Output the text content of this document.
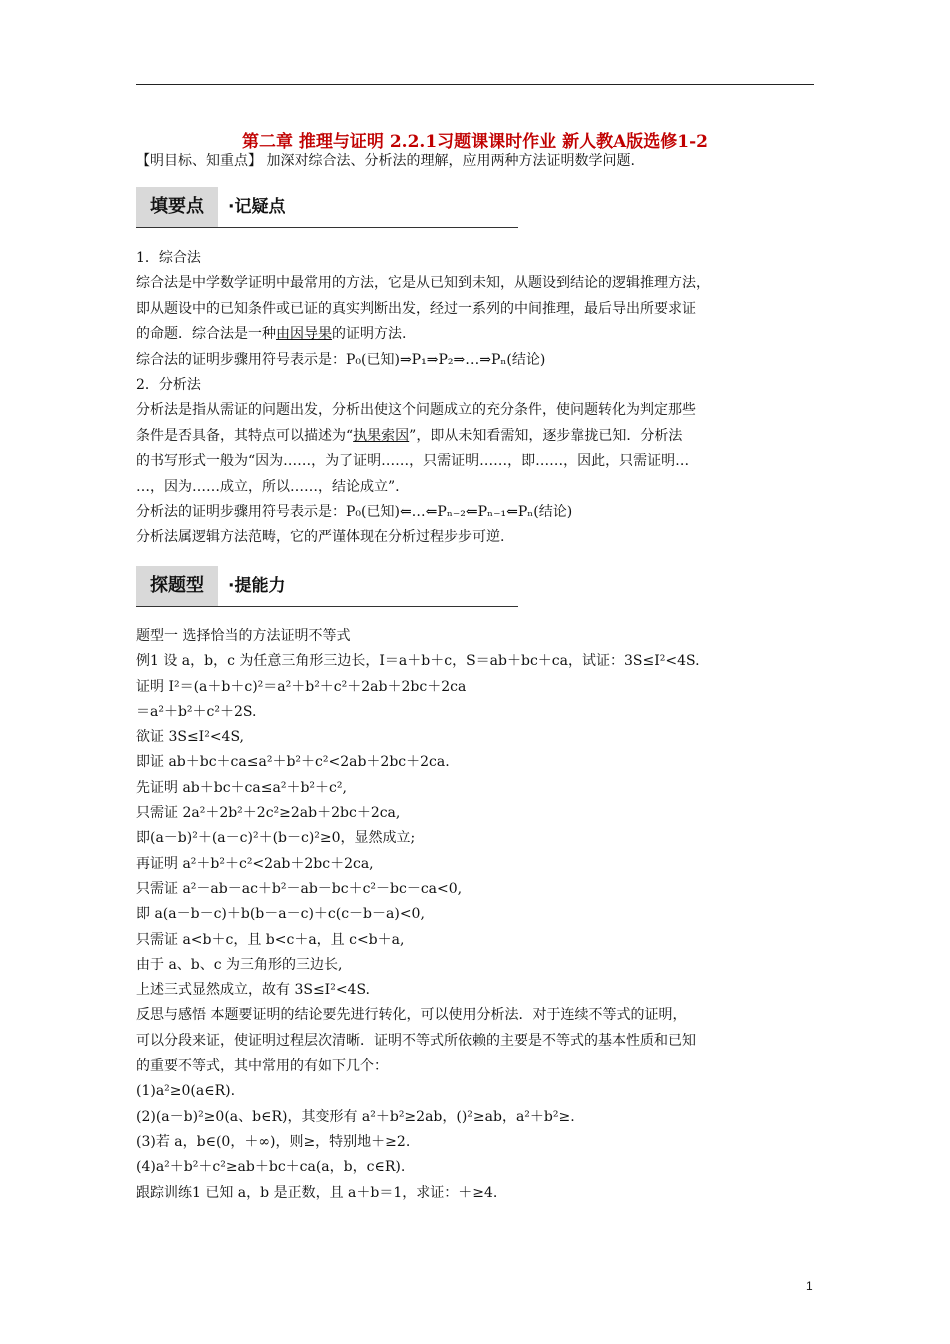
第二章 推理与证明 2.2.1习题课课时作业 新人教A版选修1-2
【明目标、知重点】 加深对综合法、分析法的理解，应用两种方法证明数学问题.
填要点	·记疑点
1．综合法
综合法是中学数学证明中最常用的方法，它是从已知到未知，从题设到结论的逻辑推理方法，
即从题设中的已知条件或已证的真实判断出发，经过一系列的中间推理，最后导出所要求证
的命题．综合法是一种由因导果的证明方法.
综合法的证明步骤用符号表示是：P₀(已知)⇒P₁⇒P₂⇒…⇒Pₙ(结论)
2．分析法
分析法是指从需证的问题出发，分析出使这个问题成立的充分条件，使问题转化为判定那些
条件是否具备，其特点可以描述为“执果索因”，即从未知看需知，逐步靠拢已知．分析法
的书写形式一般为“因为……，为了证明……，只需证明……，即……，因此，只需证明…
…，因为……成立，所以……，结论成立”.
分析法的证明步骤用符号表示是：P₀(已知)⇐…⇐Pₙ₋₂⇐Pₙ₋₁⇐Pₙ(结论)
分析法属逻辑方法范畴，它的严谨体现在分析过程步步可逆.
探题型	·提能力
题型一 选择恰当的方法证明不等式
例1 设 a，b，c 为任意三角形三边长，I＝a＋b＋c，S＝ab＋bc＋ca，试证：3S≤I²<4S.
证明 I²＝(a＋b＋c)²＝a²＋b²＋c²＋2ab＋2bc＋2ca
＝a²＋b²＋c²＋2S.
欲证 3S≤I²<4S,
即证 ab＋bc＋ca≤a²＋b²＋c²<2ab＋2bc＋2ca.
先证明 ab＋bc＋ca≤a²＋b²＋c²,
只需证 2a²＋2b²＋2c²≥2ab＋2bc＋2ca,
即(a－b)²＋(a－c)²＋(b－c)²≥0，显然成立;
再证明 a²＋b²＋c²<2ab＋2bc＋2ca,
只需证 a²－ab－ac＋b²－ab－bc＋c²－bc－ca<0,
即 a(a－b－c)＋b(b－a－c)＋c(c－b－a)<0,
只需证 a<b＋c，且 b<c＋a，且 c<b＋a,
由于 a、b、c 为三角形的三边长,
上述三式显然成立，故有 3S≤I²<4S.
反思与感悟 本题要证明的结论要先进行转化，可以使用分析法．对于连续不等式的证明，
可以分段来证，使证明过程层次清晰．证明不等式所依赖的主要是不等式的基本性质和已知
的重要不等式，其中常用的有如下几个：
(1)a²≥0(a∈R).
(2)(a－b)²≥0(a、b∈R)，其变形有 a²＋b²≥2ab，()²≥ab，a²＋b²≥.
(3)若 a，b∈(0，＋∞)，则≥，特别地＋≥2.
(4)a²＋b²＋c²≥ab＋bc＋ca(a，b，c∈R).
跟踪训练1 已知 a，b 是正数，且 a＋b＝1，求证：＋≥4.
1
